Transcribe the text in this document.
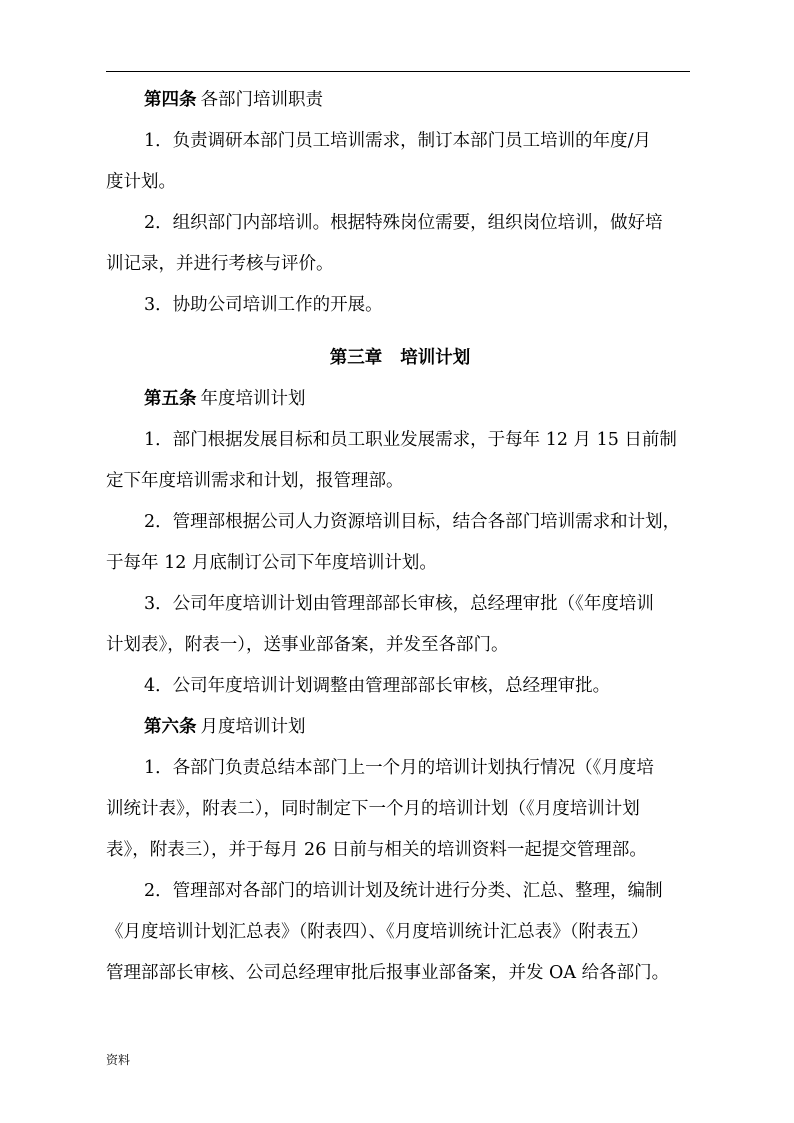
第四条 各部门培训职责
1．负责调研本部门员工培训需求，制订本部门员工培训的年度/月
度计划。
2．组织部门内部培训。根据特殊岗位需要，组织岗位培训，做好培
训记录，并进行考核与评价。
3．协助公司培训工作的开展。
第三章 培训计划
第五条 年度培训计划
1．部门根据发展目标和员工职业发展需求，于每年 12 月 15 日前制
定下年度培训需求和计划，报管理部。
2．管理部根据公司人力资源培训目标，结合各部门培训需求和计划，
于每年 12 月底制订公司下年度培训计划。
3．公司年度培训计划由管理部部长审核，总经理审批（《年度培训
计划表》，附表一），送事业部备案，并发至各部门。
4．公司年度培训计划调整由管理部部长审核，总经理审批。
第六条 月度培训计划
1．各部门负责总结本部门上一个月的培训计划执行情况（《月度培
训统计表》，附表二），同时制定下一个月的培训计划（《月度培训计划
表》，附表三），并于每月 26 日前与相关的培训资料一起提交管理部。
2．管理部对各部门的培训计划及统计进行分类、汇总、整理，编制
《月度培训计划汇总表》（附表四）、《月度培训统计汇总表》（附表五）
管理部部长审核、公司总经理审批后报事业部备案，并发 OA 给各部门。
资料
